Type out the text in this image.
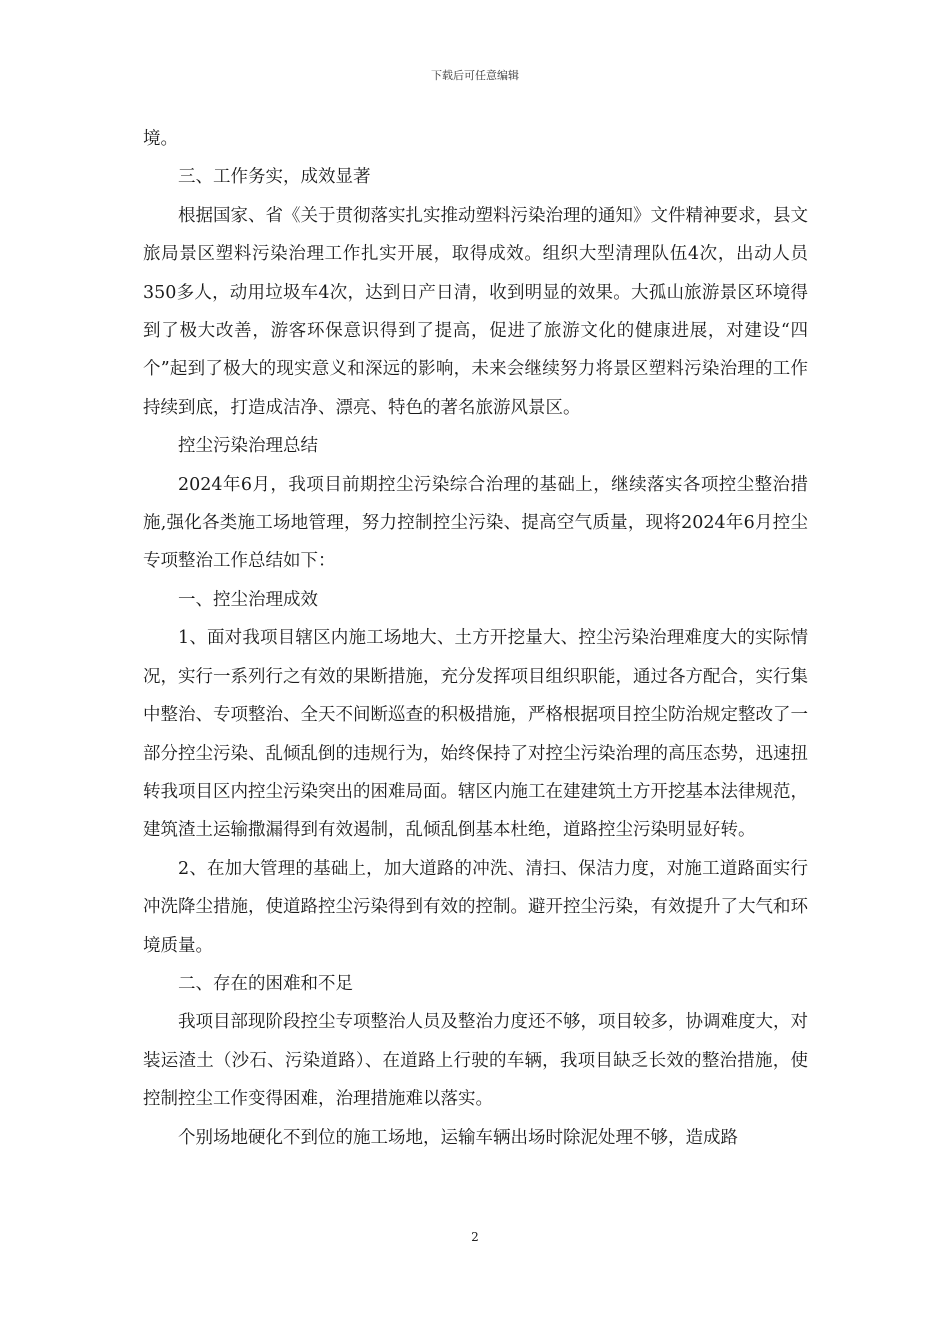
下载后可任意编辑

境。

三、工作务实，成效显著

根据国家、省《关于贯彻落实扎实推动塑料污染治理的通知》文件精神要求，县文旅局景区塑料污染治理工作扎实开展，取得成效。组织大型清理队伍4次，出动人员350多人，动用垃圾车4次，达到日产日清，收到明显的效果。大孤山旅游景区环境得到了极大改善，游客环保意识得到了提高，促进了旅游文化的健康进展，对建设“四个”起到了极大的现实意义和深远的影响，未来会继续努力将景区塑料污染治理的工作持续到底，打造成洁净、漂亮、特色的著名旅游风景区。

控尘污染治理总结

2024年6月，我项目前期控尘污染综合治理的基础上，继续落实各项控尘整治措施,强化各类施工场地管理，努力控制控尘污染、提高空气质量，现将2024年6月控尘专项整治工作总结如下：

一、控尘治理成效

1、面对我项目辖区内施工场地大、土方开挖量大、控尘污染治理难度大的实际情况，实行一系列行之有效的果断措施，充分发挥项目组织职能，通过各方配合，实行集中整治、专项整治、全天不间断巡查的积极措施，严格根据项目控尘防治规定整改了一部分控尘污染、乱倾乱倒的违规行为，始终保持了对控尘污染治理的高压态势，迅速扭转我项目区内控尘污染突出的困难局面。辖区内施工在建建筑土方开挖基本法律规范，建筑渣土运输撒漏得到有效遏制，乱倾乱倒基本杜绝，道路控尘污染明显好转。

2、在加大管理的基础上，加大道路的冲洗、清扫、保洁力度，对施工道路面实行冲洗降尘措施，使道路控尘污染得到有效的控制。避开控尘污染，有效提升了大气和环境质量。

二、存在的困难和不足

我项目部现阶段控尘专项整治人员及整治力度还不够，项目较多，协调难度大，对装运渣土（沙石、污染道路）、在道路上行驶的车辆，我项目缺乏长效的整治措施，使控制控尘工作变得困难，治理措施难以落实。

个别场地硬化不到位的施工场地，运输车辆出场时除泥处理不够，造成路

2
